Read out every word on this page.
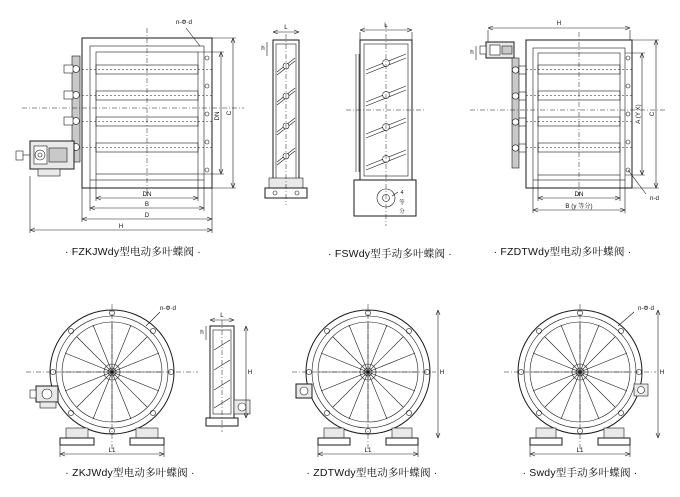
n-Φ·d
DN
B
D
H
DN C
· FZKJWdy型电动多叶蝶阀 ·
L
h
L
4
等
分
· FSWdy型手动多叶蝶阀 ·
H
h
DN
B (y 等分)
n-d
A (Y X) C
· FZDTWdy型电动多叶蝶阀 ·
n-Φ·d
L1
· ZKJWdy型电动多叶蝶阀 ·
L
h
H
L1
H
· ZDTWdy型电动多叶蝶阀 ·
n-Φ·d
L1
H
· Swdy型手动多叶蝶阀 ·
